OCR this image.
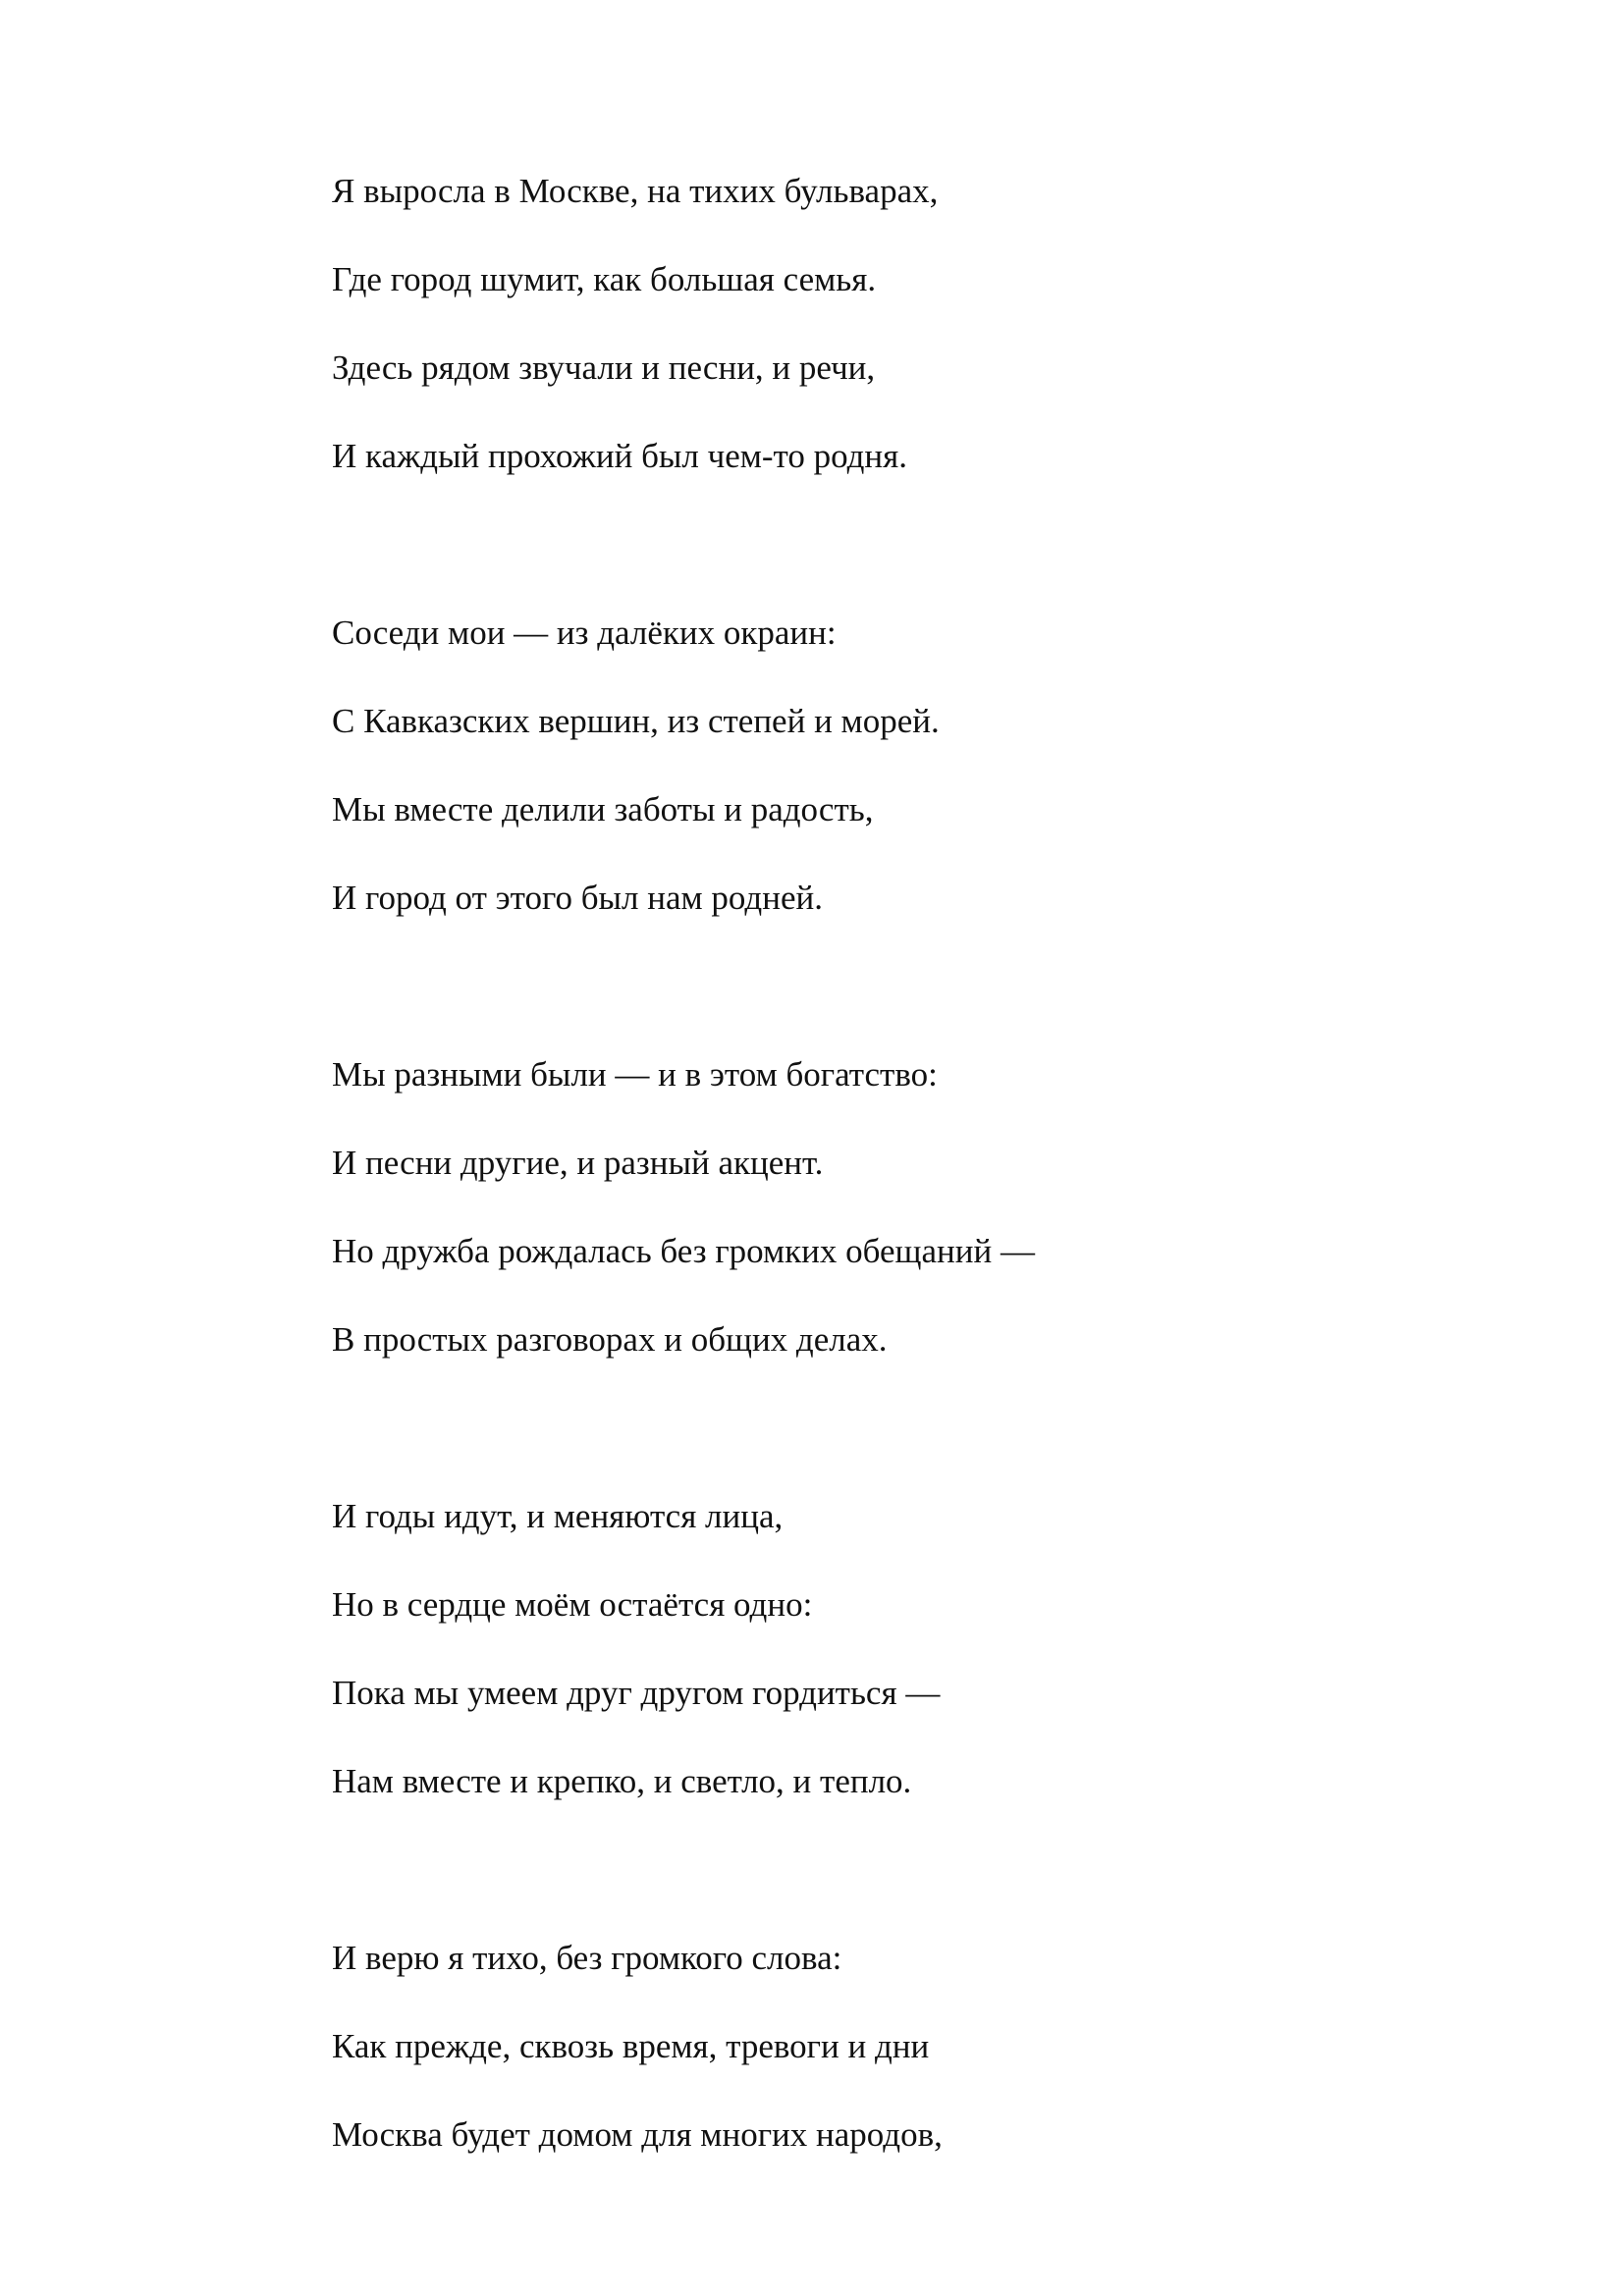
Я выросла в Москве, на тихих бульварах,
Где город шумит, как большая семья.
Здесь рядом звучали и песни, и речи,
И каждый прохожий был чем-то родня.
Соседи мои — из далёких окраин:
С Кавказских вершин, из степей и морей.
Мы вместе делили заботы и радость,
И город от этого был нам родней.
Мы разными были — и в этом богатство:
И песни другие, и разный акцент.
Но дружба рождалась без громких обещаний —
В простых разговорах и общих делах.
И годы идут, и меняются лица,
Но в сердце моём остаётся одно:
Пока мы умеем друг другом гордиться —
Нам вместе и крепко, и светло, и тепло.
И верю я тихо, без громкого слова:
Как прежде, сквозь время, тревоги и дни
Москва будет домом для многих народов,
